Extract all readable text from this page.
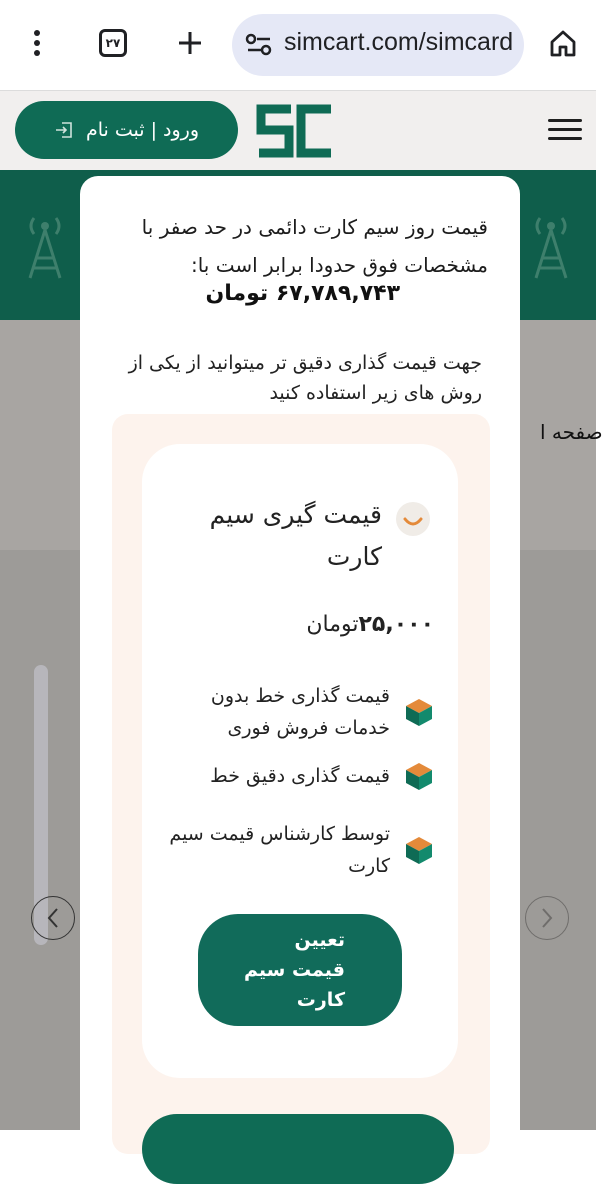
۲۷	simcart.com/simcard
ورود | ثبت نام
صفحه ا
قیمت روز سیم کارت دائمی در حد صفر با مشخصات فوق حدودا برابر است با:
۶۷,۷۸۹,۷۴۳ تومان
جهت قیمت گذاری دقیق تر میتوانید از یکی از روش های زیر استفاده کنید
قیمت گیری سیم کارت
۲۵,۰۰۰تومان
قیمت گذاری خط بدون خدمات فروش فوری
قیمت گذاری دقیق خط
توسط کارشناس قیمت سیم کارت
تعیین قیمت سیم کارت
